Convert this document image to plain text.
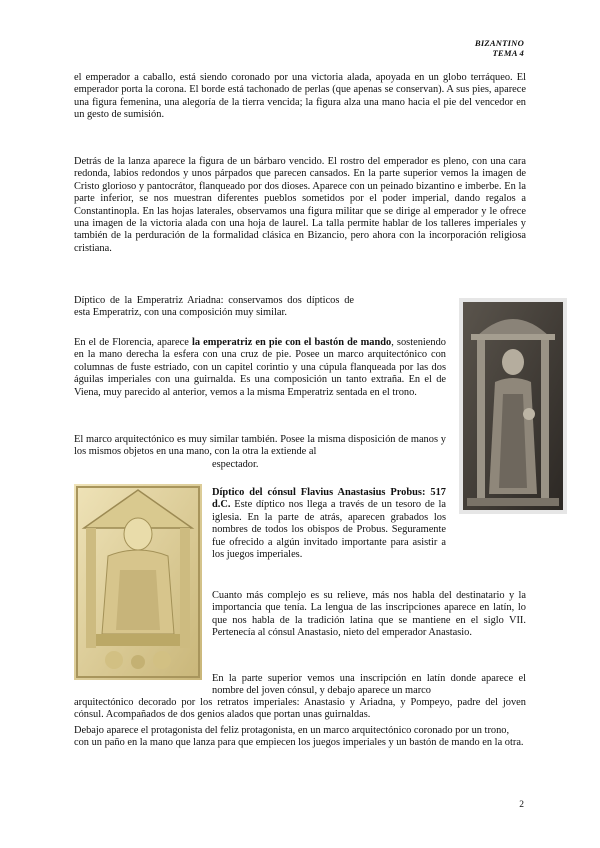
BIZANTINO
TEMA 4

el emperador a caballo, está siendo coronado por una victoria alada, apoyada en un globo terráqueo. El emperador porta la corona. El borde está tachonado de perlas (que apenas se conservan). A sus pies, aparece una figura femenina, una alegoría de la tierra vencida; la figura alza una mano hacia el pie del vencedor en un gesto de sumisión.

Detrás de la lanza aparece la figura de un bárbaro vencido. El rostro del emperador es pleno, con una cara redonda, labios redondos y unos párpados que parecen cansados. En la parte superior vemos la imagen de Cristo glorioso y pantocrátor, flanqueado por dos dioses. Aparece con un peinado bizantino e imberbe. En la parte inferior, se nos muestran diferentes pueblos sometidos por el poder imperial, dando regalos a Constantinopla. En las hojas laterales, observamos una figura militar que se dirige al emperador y le ofrece una imagen de la victoria alada con una hoja de laurel. La talla permite hablar de los talleres imperiales y también de la perduración de la formalidad clásica en Bizancio, pero ahora con la incorporación religiosa cristiana.

Díptico de la Emperatriz Ariadna: conservamos dos dípticos de esta Emperatriz, con una composición muy similar.

En el de Florencia, aparece la emperatriz en pie con el bastón de mando, sosteniendo en la mano derecha la esfera con una cruz de pie. Posee un marco arquitectónico con columnas de fuste estriado, con un capitel corintio y una cúpula flanqueada por las dos águilas imperiales con una guirnalda. Es una composición un tanto extraña. En el de Viena, muy parecido al anterior, vemos a la misma Emperatriz sentada en el trono.

El marco arquitectónico es muy similar también. Posee la misma disposición de manos y los mismos objetos en una mano, con la otra la extiende al

espectador.

Díptico del cónsul Flavius Anastasius Probus: 517 d.C. Este díptico nos llega a través de un tesoro de la iglesia. En la parte de atrás, aparecen grabados los nombres de todos los obispos de Probus. Seguramente fue ofrecido a algún invitado importante para asistir a los juegos imperiales.

Cuanto más complejo es su relieve, más nos habla del destinatario y la importancia que tenía. La lengua de las inscripciones aparece en latín, lo que nos habla de la tradición latina que se mantiene en el siglo VII. Pertenecía al cónsul Anastasio, nieto del emperador Anastasio.

En la parte superior vemos una inscripción en latín donde aparece el nombre del joven cónsul, y debajo aparece un marco

arquitectónico decorado por los retratos imperiales: Anastasio y Ariadna, y Pompeyo, padre del joven cónsul. Acompañados de dos genios alados que portan unas guirnaldas.

Debajo aparece el protagonista del feliz protagonista, en un marco arquitectónico coronado por un trono, con un paño en la mano que lanza para que empiecen los juegos imperiales y un bastón de mando en la otra.

2
